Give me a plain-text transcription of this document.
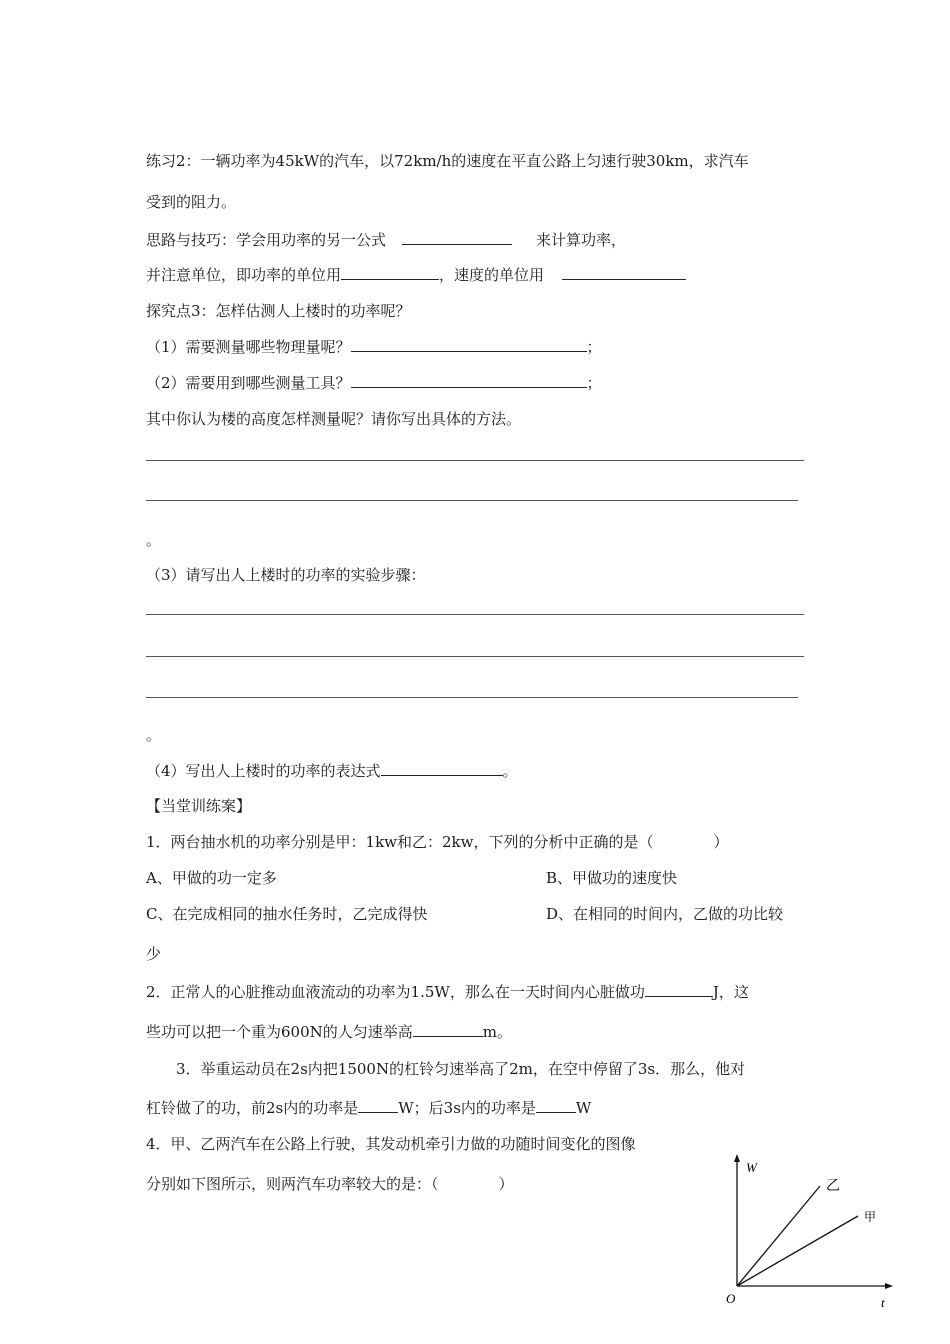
练习2：一辆功率为45kW的汽车，以72km/h的速度在平直公路上匀速行驶30km，求汽车
受到的阻力。
思路与技巧：学会用功率的另一公式	来计算功率，
并注意单位，即功率的单位用	，速度的单位用
探究点3：怎样估测人上楼时的功率呢？
（1）需要测量哪些物理量呢？	；
（2）需要用到哪些测量工具？	；
其中你认为楼的高度怎样测量呢？请你写出具体的方法。
。
（3）请写出人上楼时的功率的实验步骤：
。
（4）写出人上楼时的功率的表达式	。
【当堂训练案】
1．两台抽水机的功率分别是甲：1kw和乙：2kw，下列的分析中正确的是（　　　　）
A、甲做的功一定多	B、甲做功的速度快
C、在完成相同的抽水任务时，乙完成得快	D、在相同的时间内，乙做的功比较
少
2．正常人的心脏推动血液流动的功率为1.5W，那么在一天时间内心脏做功	J，这
些功可以把一个重为600N的人匀速举高	m。
3．举重运动员在2s内把1500N的杠铃匀速举高了2m，在空中停留了3s．那么，他对
杠铃做了的功，前2s内的功率是	W；后3s内的功率是	W
4．甲、乙两汽车在公路上行驶，其发动机牵引力做的功随时间变化的图像
分别如下图所示，则两汽车功率较大的是：（　　　　）
W
t
O
乙
甲
